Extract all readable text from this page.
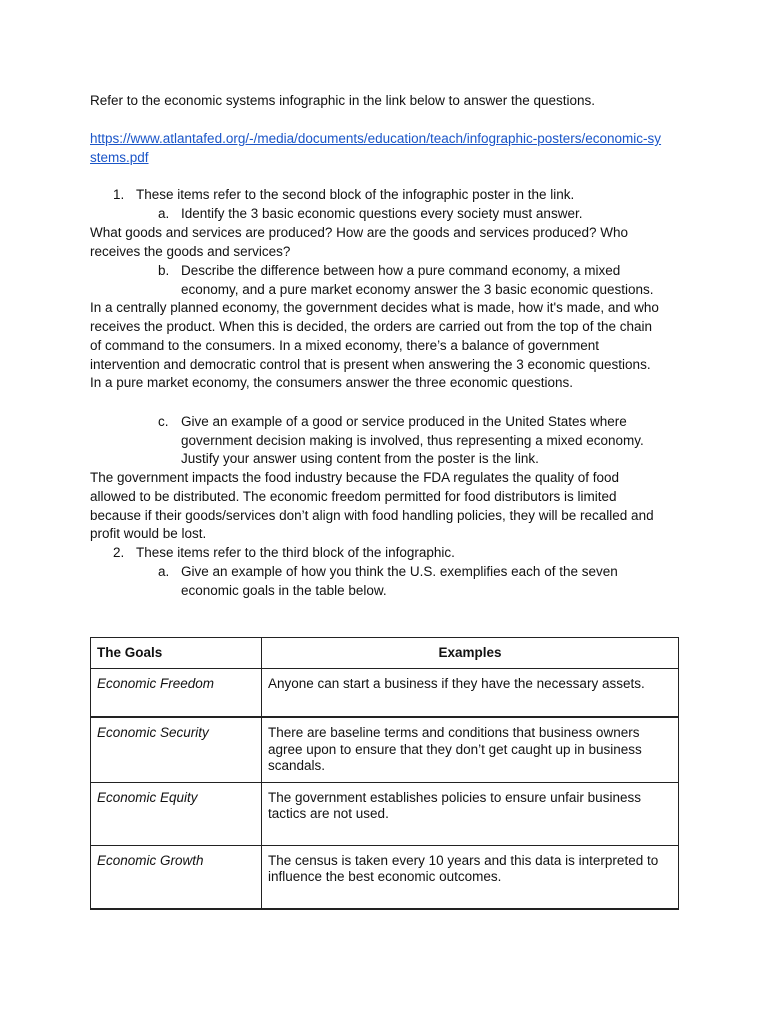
Refer to the economic systems infographic in the link below to answer the questions.

https://www.atlantafed.org/-/media/documents/education/teach/infographic-posters/economic-sy

stems.pdf

1. These items refer to the second block of the infographic poster in the link.
a. Identify the 3 basic economic questions every society must answer.

What goods and services are produced? How are the goods and services produced? Who

receives the goods and services?

b. Describe the difference between how a pure command economy, a mixed
economy, and a pure market economy answer the 3 basic economic questions.

In a centrally planned economy, the government decides what is made, how it's made, and who

receives the product. When this is decided, the orders are carried out from the top of the chain

of command to the consumers. In a mixed economy, there’s a balance of government

intervention and democratic control that is present when answering the 3 economic questions.

In a pure market economy, the consumers answer the three economic questions.

c. Give an example of a good or service produced in the United States where
government decision making is involved, thus representing a mixed economy.
Justify your answer using content from the poster is the link.

The government impacts the food industry because the FDA regulates the quality of food

allowed to be distributed. The economic freedom permitted for food distributors is limited

because if their goods/services don’t align with food handling policies, they will be recalled and

profit would be lost.

2. These items refer to the third block of the infographic.
a. Give an example of how you think the U.S. exemplifies each of the seven
economic goals in the table below.
The Goals	Examples
Economic Freedom	Anyone can start a business if they have the necessary assets.
Economic Security	There are baseline terms and conditions that business owners agree upon to ensure that they don’t get caught up in business scandals.
Economic Equity	The government establishes policies to ensure unfair business tactics are not used.
Economic Growth	The census is taken every 10 years and this data is interpreted to influence the best economic outcomes.
